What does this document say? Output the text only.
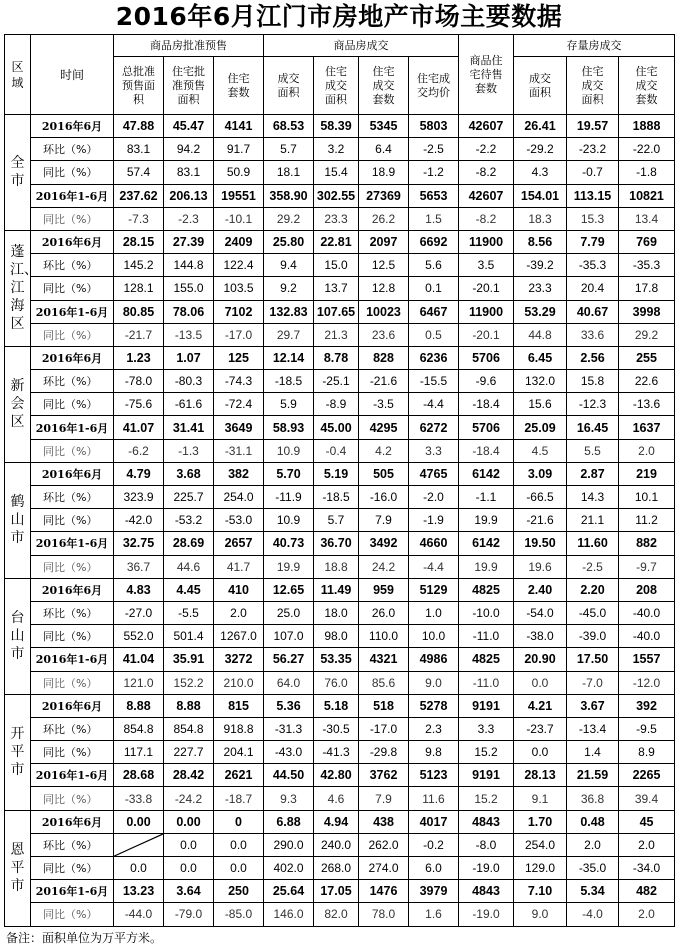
2016年6月江门市房地产市场主要数据
区域	时间	商品房批准预售			商品房成交				商品住宅待售套数	存量房成交		
		总批准预售面积	住宅批准预售面积	住宅套数	成交面积	住宅成交面积	住宅成交套数	住宅成交均价		成交面积	住宅成交面积	住宅成交套数
全市	2016年6月	47.88	45.47	4141	68.53	58.39	5345	5803	42607	26.41	19.57	1888
	环比（%）	83.1	94.2	91.7	5.7	3.2	6.4	-2.5	-2.2	-29.2	-23.2	-22.0
	同比（%）	57.4	83.1	50.9	18.1	15.4	18.9	-1.2	-8.2	4.3	-0.7	-1.8
	2016年1-6月	237.62	206.13	19551	358.90	302.55	27369	5653	42607	154.01	113.15	10821
	同比（%）	-7.3	-2.3	-10.1	29.2	23.3	26.2	1.5	-8.2	18.3	15.3	13.4
蓬江、江海区	2016年6月	28.15	27.39	2409	25.80	22.81	2097	6692	11900	8.56	7.79	769
	环比（%）	145.2	144.8	122.4	9.4	15.0	12.5	5.6	3.5	-39.2	-35.3	-35.3
	同比（%）	128.1	155.0	103.5	9.2	13.7	12.8	0.1	-20.1	23.3	20.4	17.8
	2016年1-6月	80.85	78.06	7102	132.83	107.65	10023	6467	11900	53.29	40.67	3998
	同比（%）	-21.7	-13.5	-17.0	29.7	21.3	23.6	0.5	-20.1	44.8	33.6	29.2
新会区	2016年6月	1.23	1.07	125	12.14	8.78	828	6236	5706	6.45	2.56	255
	环比（%）	-78.0	-80.3	-74.3	-18.5	-25.1	-21.6	-15.5	-9.6	132.0	15.8	22.6
	同比（%）	-75.6	-61.6	-72.4	5.9	-8.9	-3.5	-4.4	-18.4	15.6	-12.3	-13.6
	2016年1-6月	41.07	31.41	3649	58.93	45.00	4295	6272	5706	25.09	16.45	1637
	同比（%）	-6.2	-1.3	-31.1	10.9	-0.4	4.2	3.3	-18.4	4.5	5.5	2.0
鹤山市	2016年6月	4.79	3.68	382	5.70	5.19	505	4765	6142	3.09	2.87	219
	环比（%）	323.9	225.7	254.0	-11.9	-18.5	-16.0	-2.0	-1.1	-66.5	14.3	10.1
	同比（%）	-42.0	-53.2	-53.0	10.9	5.7	7.9	-1.9	19.9	-21.6	21.1	11.2
	2016年1-6月	32.75	28.69	2657	40.73	36.70	3492	4660	6142	19.50	11.60	882
	同比（%）	36.7	44.6	41.7	19.9	18.8	24.2	-4.4	19.9	19.6	-2.5	-9.7
台山市	2016年6月	4.83	4.45	410	12.65	11.49	959	5129	4825	2.40	2.20	208
	环比（%）	-27.0	-5.5	2.0	25.0	18.0	26.0	1.0	-10.0	-54.0	-45.0	-40.0
	同比（%）	552.0	501.4	1267.0	107.0	98.0	110.0	10.0	-11.0	-38.0	-39.0	-40.0
	2016年1-6月	41.04	35.91	3272	56.27	53.35	4321	4986	4825	20.90	17.50	1557
	同比（%）	121.0	152.2	210.0	64.0	76.0	85.6	9.0	-11.0	0.0	-7.0	-12.0
开平市	2016年6月	8.88	8.88	815	5.36	5.18	518	5278	9191	4.21	3.67	392
	环比（%）	854.8	854.8	918.8	-31.3	-30.5	-17.0	2.3	3.3	-23.7	-13.4	-9.5
	同比（%）	117.1	227.7	204.1	-43.0	-41.3	-29.8	9.8	15.2	0.0	1.4	8.9
	2016年1-6月	28.68	28.42	2621	44.50	42.80	3762	5123	9191	28.13	21.59	2265
	同比（%）	-33.8	-24.2	-18.7	9.3	4.6	7.9	11.6	15.2	9.1	36.8	39.4
恩平市	2016年6月	0.00	0.00	0	6.88	4.94	438	4017	4843	1.70	0.48	45
	环比（%）		0.0	0.0	290.0	240.0	262.0	-0.2	-8.0	254.0	2.0	2.0
	同比（%）	0.0	0.0	0.0	402.0	268.0	274.0	6.0	-19.0	129.0	-35.0	-34.0
	2016年1-6月	13.23	3.64	250	25.64	17.05	1476	3979	4843	7.10	5.34	482
	同比（%）	-44.0	-79.0	-85.0	146.0	82.0	78.0	1.6	-19.0	9.0	-4.0	2.0
备注：面积单位为万平方米。
